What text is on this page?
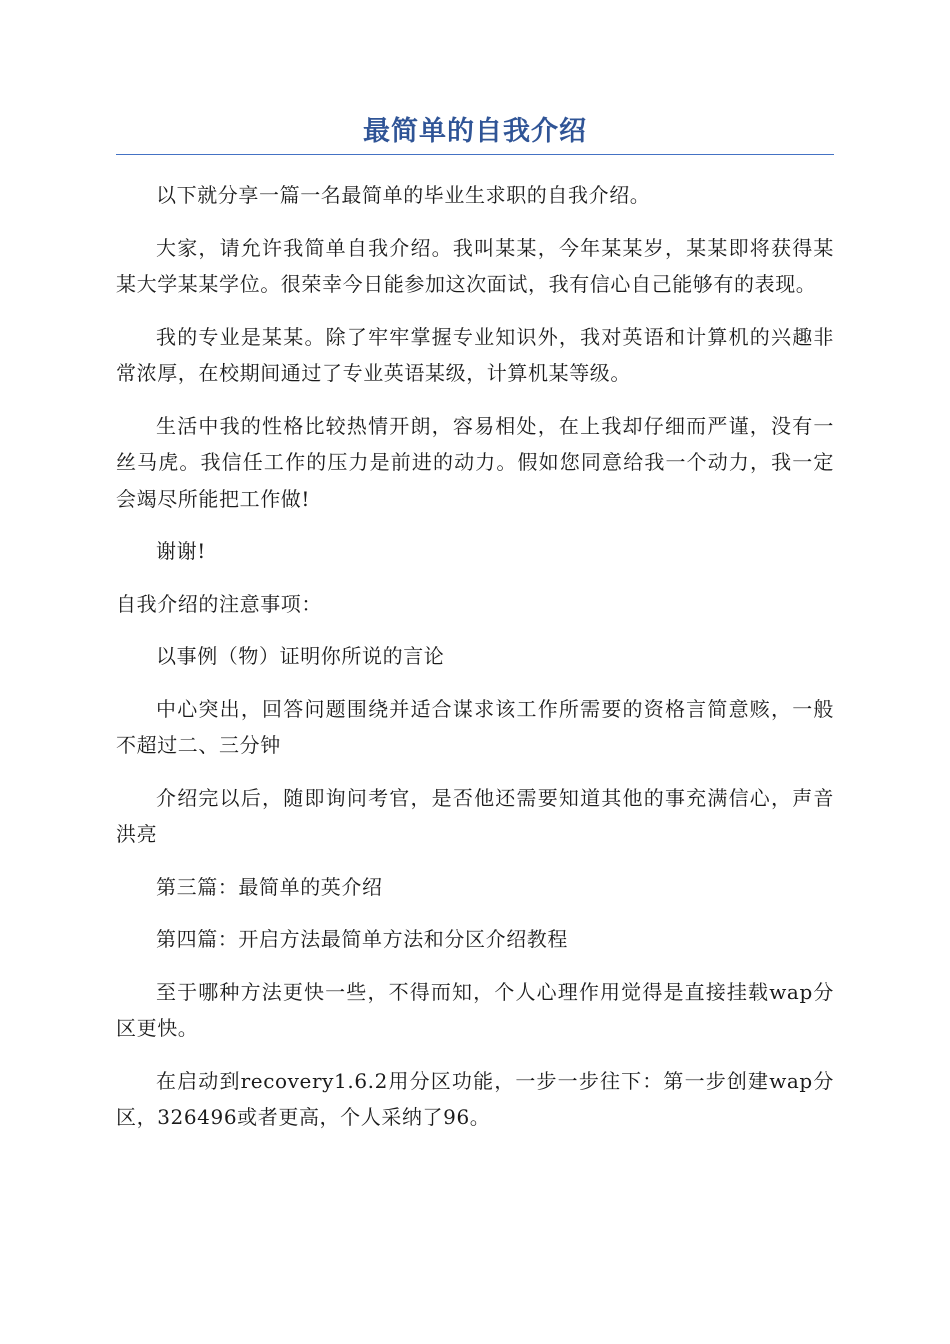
最简单的自我介绍

以下就分享一篇一名最简单的毕业生求职的自我介绍。

大家，请允许我简单自我介绍。我叫某某，今年某某岁，某某即将获得某某大学某某学位。很荣幸今日能参加这次面试，我有信心自己能够有的表现。

我的专业是某某。除了牢牢掌握专业知识外，我对英语和计算机的兴趣非常浓厚，在校期间通过了专业英语某级，计算机某等级。

生活中我的性格比较热情开朗，容易相处，在上我却仔细而严谨，没有一丝马虎。我信任工作的压力是前进的动力。假如您同意给我一个动力，我一定会竭尽所能把工作做!

谢谢!

自我介绍的注意事项：

以事例（物）证明你所说的言论

中心突出，回答问题围绕并适合谋求该工作所需要的资格言简意赅，一般不超过二、三分钟

介绍完以后，随即询问考官，是否他还需要知道其他的事充满信心，声音洪亮

第三篇：最简单的英介绍

第四篇：开启方法最简单方法和分区介绍教程

至于哪种方法更快一些，不得而知，个人心理作用觉得是直接挂载wap分区更快。

在启动到recovery1.6.2用分区功能，一步一步往下：第一步创建wap分区，326496或者更高，个人采纳了96。
